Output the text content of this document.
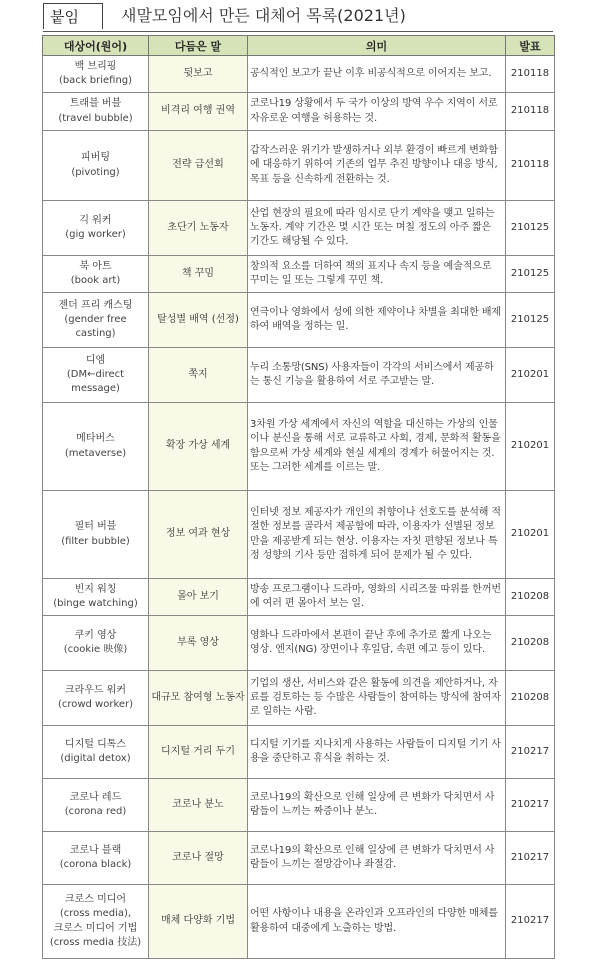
붙임	새말모임에서 만든 대체어 목록(2021년)
대상어(원어)	다듬은 말	의미	발표

백 브리핑
(back briefing)	뒷보고	공식적인 보고가 끝난 이후 비공식적으로 이어지는 보고.	210118

트래블 버블
(travel bubble)	비격리 여행 권역	코로나19 상황에서 두 국가 이상의 방역 우수 지역이 서로 자유로운 여행을 허용하는 것.	210118

피버팅
(pivoting)	전략 급선회	갑작스러운 위기가 발생하거나 외부 환경이 빠르게 변화함에 대응하기 위하여 기존의 업무 추진 방향이나 대응 방식, 목표 등을 신속하게 전환하는 것.	210118

긱 워커
(gig worker)	초단기 노동자	산업 현장의 필요에 따라 임시로 단기 계약을 맺고 일하는 노동자. 계약 기간은 몇 시간 또는 며칠 정도의 아주 짧은 기간도 해당될 수 있다.	210125

북 아트
(book art)	책 꾸밈	창의적 요소를 더하여 책의 표지나 속지 등을 예술적으로 꾸미는 일 또는 그렇게 꾸민 책.	210125

젠더 프리 캐스팅
(gender free casting)	탈성별 배역 (선정)	연극이나 영화에서 성에 의한 제약이나 차별을 최대한 배제하여 배역을 정하는 일.	210125

디엠
(DM←direct message)	쪽지	누리 소통망(SNS) 사용자들이 각각의 서비스에서 제공하는 통신 기능을 활용하여 서로 주고받는 말.	210201

메타버스
(metaverse)	확장 가상 세계	3차원 가상 세계에서 자신의 역할을 대신하는 가상의 인물이나 분신을 통해 서로 교류하고 사회, 경제, 문화적 활동을 함으로써 가상 세계와 현실 세계의 경계가 허물어지는 것. 또는 그러한 세계를 이르는 말.	210201

필터 버블
(filter bubble)	정보 여과 현상	인터넷 정보 제공자가 개인의 취향이나 선호도를 분석해 적절한 정보를 골라서 제공함에 따라, 이용자가 선별된 정보만을 제공받게 되는 현상. 이용자는 자칫 편향된 정보나 특정 성향의 기사 등만 접하게 되어 문제가 될 수 있다.	210201

빈지 워칭
(binge watching)	몰아 보기	방송 프로그램이나 드라마, 영화의 시리즈물 따위를 한꺼번에 여러 편 몰아서 보는 일.	210208

쿠키 영상
(cookie 映像)	부록 영상	영화나 드라마에서 본편이 끝난 후에 추가로 짧게 나오는 영상. 엔지(NG) 장면이나 후일담, 속편 예고 등이 있다.	210208

크라우드 워커
(crowd worker)	대규모 참여형 노동자	기업의 생산, 서비스와 같은 활동에 의견을 제안하거나, 자료를 검토하는 등 수많은 사람들이 참여하는 방식에 참여자로 일하는 사람.	210208

디지털 디톡스
(digital detox)	디지털 거리 두기	디지털 기기를 지나치게 사용하는 사람들이 디지털 기기 사용을 중단하고 휴식을 취하는 것.	210217

코로나 레드
(corona red)	코로나 분노	코로나19의 확산으로 인해 일상에 큰 변화가 닥치면서 사람들이 느끼는 짜증이나 분노.	210217

코로나 블랙
(corona black)	코로나 절망	코로나19의 확산으로 인해 일상에 큰 변화가 닥치면서 사람들이 느끼는 절망감이나 좌절감.	210217

크로스 미디어
(cross media),
크로스 미디어 기법
(cross media 技法)	매체 다양화 기법	어떤 사항이나 내용을 온라인과 오프라인의 다양한 매체를 활용하여 대중에게 노출하는 방법.	210217
